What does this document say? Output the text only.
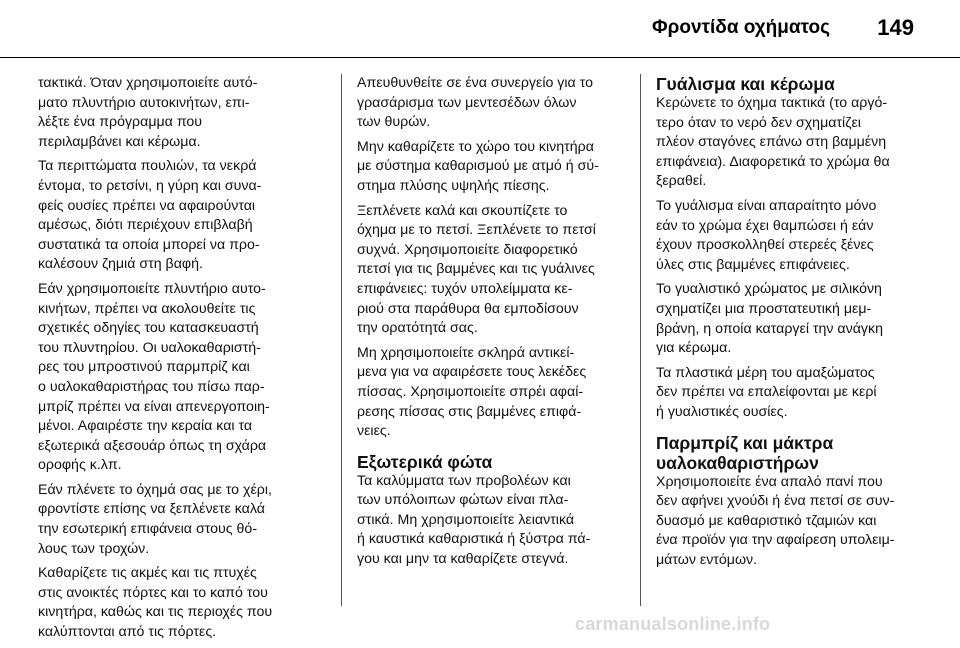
Φροντίδα οχήματος 149

τακτικά. Όταν χρησιμοποιείτε αυτό-
ματο πλυντήριο αυτοκινήτων, επι-
λέξτε ένα πρόγραμμα που
περιλαμβάνει και κέρωμα.

Τα περιττώματα πουλιών, τα νεκρά
έντομα, το ρετσίνι, η γύρη και συνα-
φείς ουσίες πρέπει να αφαιρούνται
αμέσως, διότι περιέχουν επιβλαβή
συστατικά τα οποία μπορεί να προ-
καλέσουν ζημιά στη βαφή.

Εάν χρησιμοποιείτε πλυντήριο αυτο-
κινήτων, πρέπει να ακολουθείτε τις
σχετικές οδηγίες του κατασκευαστή
του πλυντηρίου. Οι υαλοκαθαριστή-
ρες του μπροστινού παρμπρίζ και
ο υαλοκαθαριστήρας του πίσω παρ-
μπρίζ πρέπει να είναι απενεργοποιη-
μένοι. Αφαιρέστε την κεραία και τα
εξωτερικά αξεσουάρ όπως τη σχάρα
οροφής κ.λπ.

Εάν πλένετε το όχημά σας με το χέρι,
φροντίστε επίσης να ξεπλένετε καλά
την εσωτερική επιφάνεια στους θό-
λους των τροχών.

Καθαρίζετε τις ακμές και τις πτυχές
στις ανοικτές πόρτες και το καπό του
κινητήρα, καθώς και τις περιοχές που
καλύπτονται από τις πόρτες.

Απευθυνθείτε σε ένα συνεργείο για το
γρασάρισμα των μεντεσέδων όλων
των θυρών.

Μην καθαρίζετε το χώρο του κινητήρα
με σύστημα καθαρισμού με ατμό ή σύ-
στημα πλύσης υψηλής πίεσης.

Ξεπλένετε καλά και σκουπίζετε το
όχημα με το πετσί. Ξεπλένετε το πετσί
συχνά. Χρησιμοποιείτε διαφορετικό
πετσί για τις βαμμένες και τις γυάλινες
επιφάνειες: τυχόν υπολείμματα κε-
ριού στα παράθυρα θα εμποδίσουν
την ορατότητά σας.

Μη χρησιμοποιείτε σκληρά αντικεί-
μενα για να αφαιρέσετε τους λεκέδες
πίσσας. Χρησιμοποιείτε σπρέι αφαί-
ρεσης πίσσας στις βαμμένες επιφά-
νειες.

Εξωτερικά φώτα

Τα καλύμματα των προβολέων και
των υπόλοιπων φώτων είναι πλα-
στικά. Μη χρησιμοποιείτε λειαντικά
ή καυστικά καθαριστικά ή ξύστρα πά-
γου και μην τα καθαρίζετε στεγνά.

Γυάλισμα και κέρωμα

Κερώνετε το όχημα τακτικά (το αργό-
τερο όταν το νερό δεν σχηματίζει
πλέον σταγόνες επάνω στη βαμμένη
επιφάνεια). Διαφορετικά το χρώμα θα
ξεραθεί.

Το γυάλισμα είναι απαραίτητο μόνο
εάν το χρώμα έχει θαμπώσει ή εάν
έχουν προσκολληθεί στερεές ξένες
ύλες στις βαμμένες επιφάνειες.

Το γυαλιστικό χρώματος με σιλικόνη
σχηματίζει μια προστατευτική μεμ-
βράνη, η οποία καταργεί την ανάγκη
για κέρωμα.

Τα πλαστικά μέρη του αμαξώματος
δεν πρέπει να επαλείφονται με κερί
ή γυαλιστικές ουσίες.

Παρμπρίζ και μάκτρα
υαλοκαθαριστήρων

Χρησιμοποιείτε ένα απαλό πανί που
δεν αφήνει χνούδι ή ένα πετσί σε συν-
δυασμό με καθαριστικό τζαμιών και
ένα προϊόν για την αφαίρεση υπολειμ-
μάτων εντόμων.

carmanualsonline.info
